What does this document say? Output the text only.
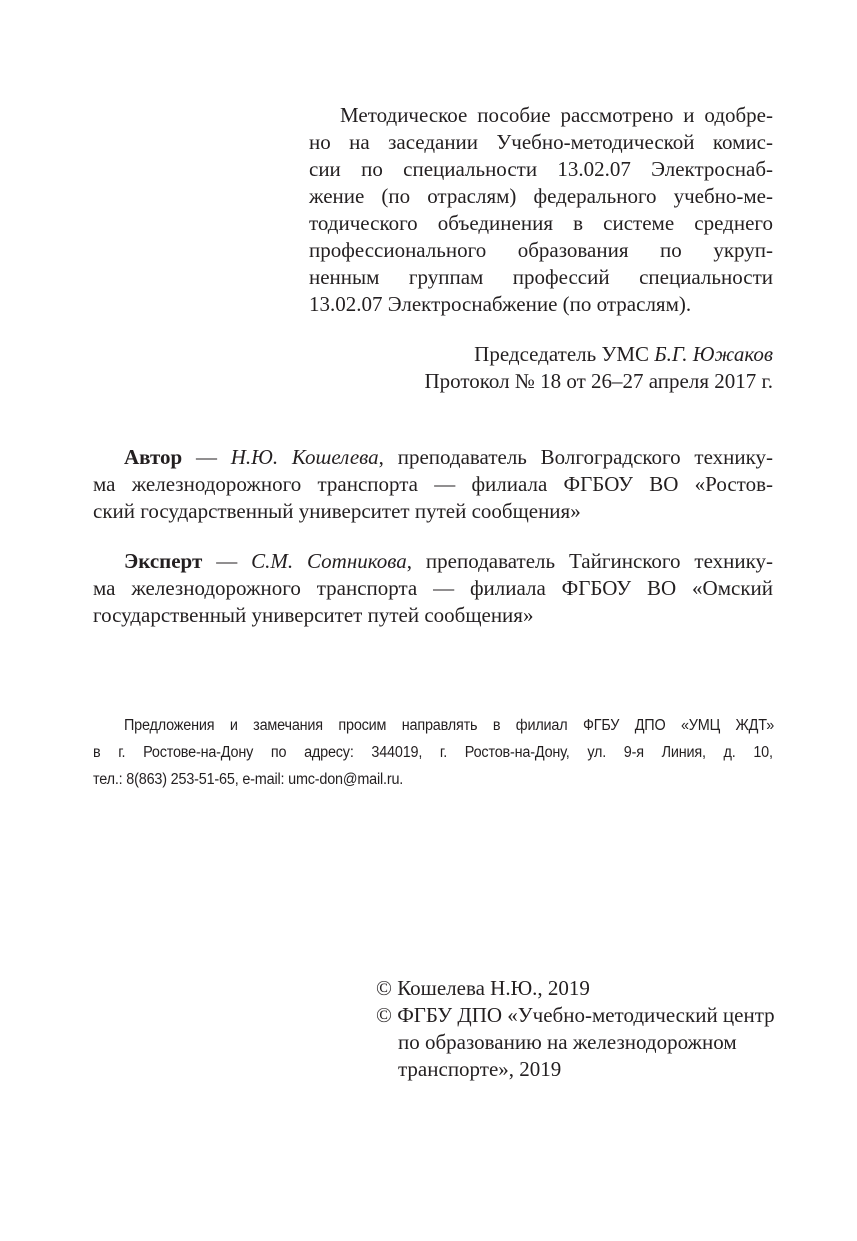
Методическое пособие рассмотрено и одобре-
но на заседании Учебно-методической комис-
сии по специальности 13.02.07 Электроснаб-
жение (по отраслям) федерального учебно-ме-
тодического объединения в системе среднего
профессионального образования по укруп-
ненным группам профессий специальности
13.02.07 Электроснабжение (по отраслям).
Председатель УМС Б.Г. Южаков
Протокол № 18 от 26–27 апреля 2017 г.
Автор — Н.Ю. Кошелева, преподаватель Волгоградского технику-
ма железнодорожного транспорта — филиала ФГБОУ ВО «Ростов-
ский государственный университет путей сообщения»
Эксперт — С.М. Сотникова, преподаватель Тайгинского технику-
ма железнодорожного транспорта — филиала ФГБОУ ВО «Омский
государственный университет путей сообщения»
Предложения и замечания просим направлять в филиал ФГБУ ДПО «УМЦ ЖДТ»
в г. Ростове-на-Дону по адресу: 344019, г. Ростов-на-Дону, ул. 9-я Линия, д. 10,
тел.: 8(863) 253-51-65, e-mail: umc-don@mail.ru.
© Кошелева Н.Ю., 2019
© ФГБУ ДПО «Учебно-методический центр
по образованию на железнодорожном
транспорте», 2019
